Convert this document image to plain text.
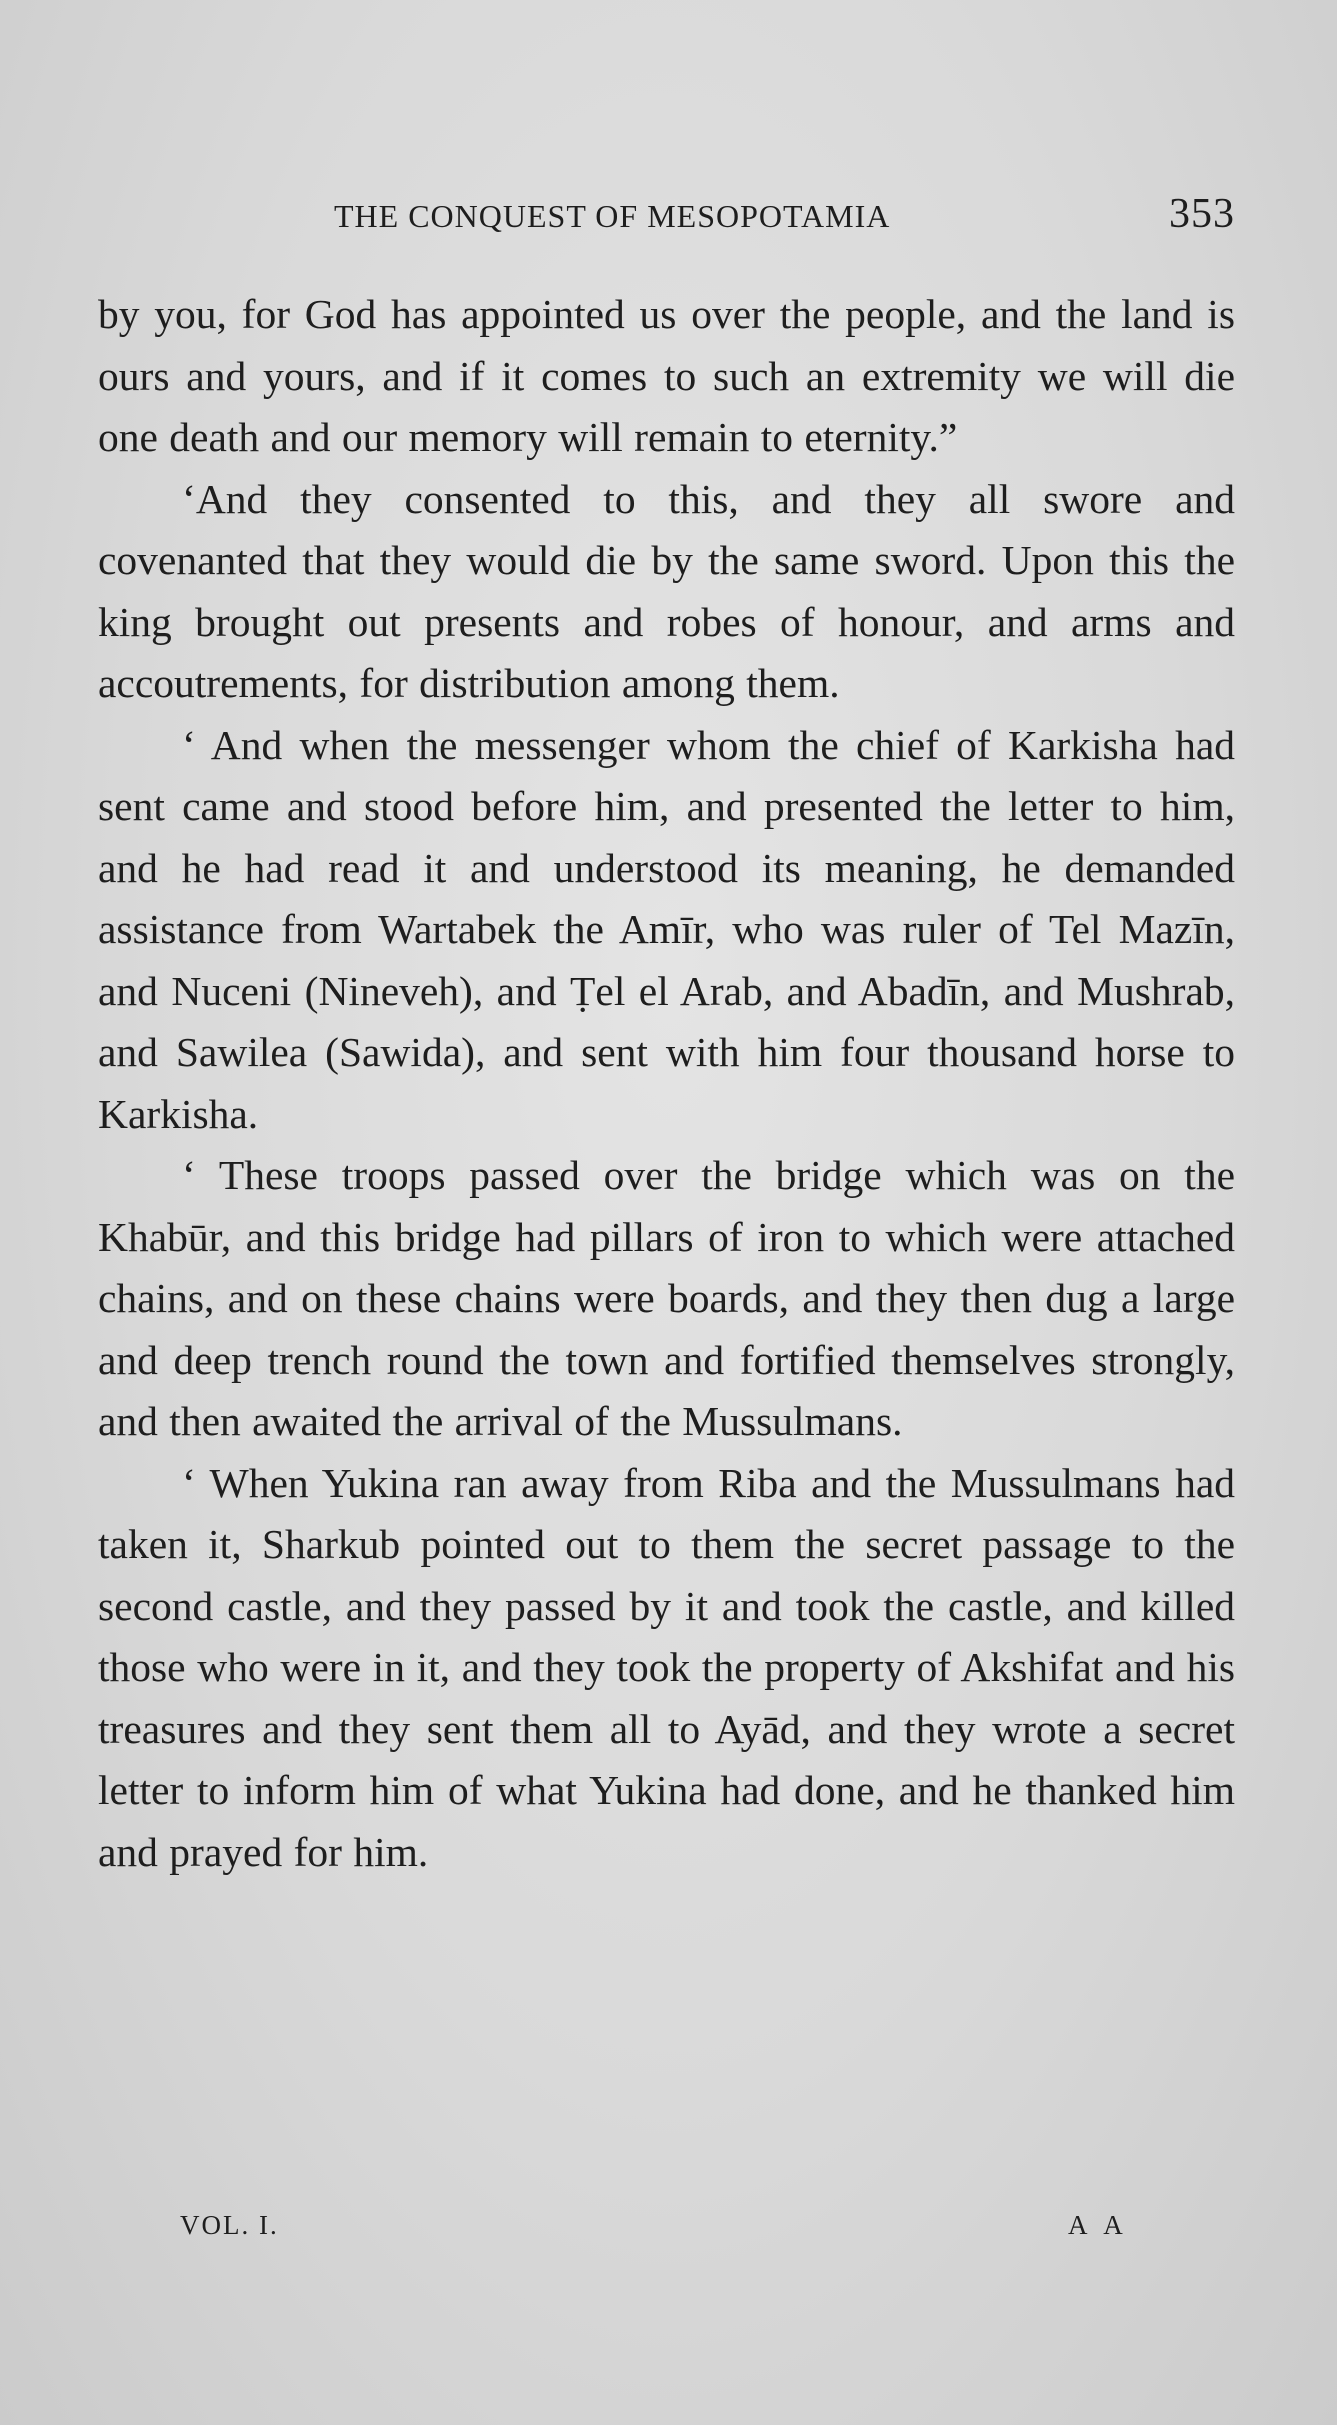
THE CONQUEST OF MESOPOTAMIA	353

by you, for God has appointed us over the people, and the land is ours and yours, and if it comes to such an extremity we will die one death and our memory will remain to eternity.”

‘And they consented to this, and they all swore and covenanted that they would die by the same sword. Upon this the king brought out presents and robes of honour, and arms and accoutrements, for distribution among them.

‘ And when the messenger whom the chief of Karkisha had sent came and stood before him, and presented the letter to him, and he had read it and understood its meaning, he demanded assistance from Wartabek the Amīr, who was ruler of Tel Mazīn, and Nuceni (Nineveh), and Ṭel el Arab, and Abadīn, and Mushrab, and Sawilea (Sawida), and sent with him four thousand horse to Karkisha.

‘ These troops passed over the bridge which was on the Khabūr, and this bridge had pillars of iron to which were attached chains, and on these chains were boards, and they then dug a large and deep trench round the town and fortified themselves strongly, and then awaited the arrival of the Mussulmans.

‘ When Yukina ran away from Riba and the Mussulmans had taken it, Sharkub pointed out to them the secret passage to the second castle, and they passed by it and took the castle, and killed those who were in it, and they took the property of Akshifat and his treasures and they sent them all to Ayād, and they wrote a secret letter to inform him of what Yukina had done, and he thanked him and prayed for him.

VOL. I.	A A
